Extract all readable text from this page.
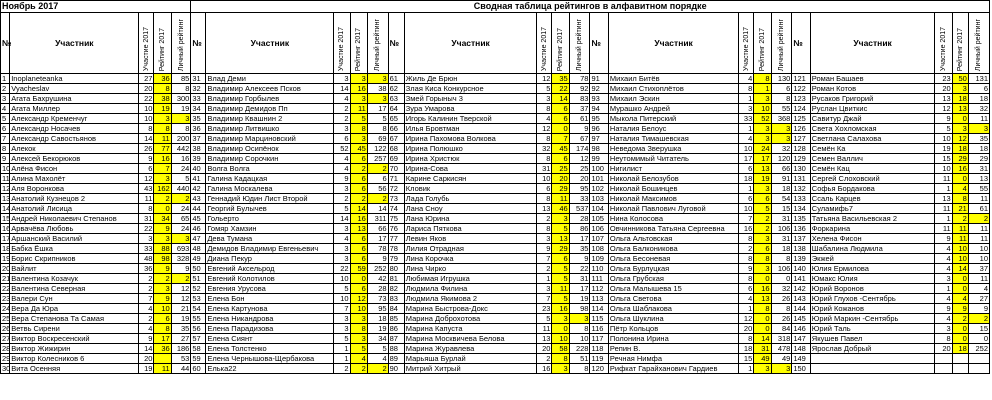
Ноябрь 2017					Сводная таблица рейтингов в алфавитном порядке																			
№	Участник	Участие 2017	Рейтинг 2017	Личный рейтинг	№	Участник	Участие 2017	Рейтинг 2017	Личный рейтинг	№	Участник	Участие 2017	Рейтинг 2017	Личный рейтинг	№	Участник	Участие 2017	Рейтинг 2017	Личный рейтинг	№	Участник	Участие 2017	Рейтинг 2017	Личный рейтинг
1	Inoplaneteanka	27	36	85	31	Влад Деми	3	3	3	61	Жиль Де Брюн	12	35	78	91	Михаил Битёв	4	8	130	121	Роман Башаев	23	50	131
2	Vyacheslav	20	8	8	32	Владимир Алексеев Псков	14	16	38	62	Злая Киса Конкурсное	5	22	92	92	Михаил Стихоплётов	8	1	6	122	Роман Котов	20	3	6
3	Агата Бахрушина	22	38	300	33	Владимир Горбылев	4	3	3	63	Змей Горыныч 3	3	14	83	93	Михаил Эскин	1	3	8	123	Русаков Григорий	13	18	18
4	Агата Миллер	10	19	19	34	Владимир Демидов Пп	2	11	17	64	Зура Умарова	8	6	37	94	Мурашко Андрей	3	10	55	124	Руслан Цвиткис	12	13	32
5	Александр Кременчуг	10	3	3	35	Владимир Квашнин 2	2	5	5	65	Игорь Калинин Тверской	4	6	61	95	Мыкола Питерский	33	52	368	125	Савитур Джай	9	0	11
6	Александр Носачев	8	8	8	36	Владимир Литвишко	3	8	8	66	Илья Бровтман	12	0	9	96	Наталия Белоус	1	3	3	126	Света Хохломская	5	3	3
7	Александр Савостьянов	14	11	200	37	Владимир Марциновский	6	3	69	67	Ирина Пахомова Волкова	8	7	67	97	Наталия Тимашевская	4	3	3	127	Светлана Салахова	10	12	35
8	Алекок	26	77	442	38	Владимир Осипёнок	52	45	122	68	Ирина Полюшко	32	45	174	98	Неведома Зверушка	10	24	32	128	Семён Ка	19	18	18
9	Алексей Бекорюков	9	16	16	39	Владимир Сорочкин	4	6	257	69	Ирина Христюк	8	6	12	99	Неутомимый Читатель	17	17	120	129	Семен Валлич	15	29	29
10	Алёна Фисон	6	7	24	40	Волга Волга	4	2	2	70	Ирина-Сова	31	25	25	100	Нигилист	6	13	66	130	Семён Кац	10	16	31
11	Алина Махолёт	12	3	5	41	Галина Кадацкая	9	6	6	71	Карине Саркисян	10	20	20	101	Николай Белозубов	18	19	91	131	Сергей Слоховский	11	0	13
12	Аля Воронкова	43	162	440	42	Галина Москалева	3	6	56	72	Кловик	6	29	95	102	Николай Бошинцев	1	3	18	132	Софья Бордакова	1	4	55
13	Анатолий Кузнецов 2	11	2	2	43	Геннадий Юдин Лист Второй	2	2	2	73	Лада Голубь	8	11	33	103	Николай Максимов	6	6	54	133	Ссаль Карцев	13	8	11
14	Анатолий Лисица	8	0	24	44	Георгий Булычев	5	14	14	74	Лана Сноу	13	46	537	104	Николай Павлович Луговой	10	5	15	134	Суламифь7	11	21	61
15	Андрей Николаевич Степанов	31	34	65	45	Гольерто	14	16	311	75	Лана Юрина	2	3	28	105	Нина Колосова	7	2	31	135	Татьяна Васильевская 2	1	2	2
16	Арвачёва Любовь	22	9	24	46	Гомяр Хамзин	3	13	66	76	Лариса Пяткова	8	5	86	106	Овчинникова Татьяна Сергеевна	16	2	106	136	Форкарина	11	11	11
17	Аршанский Василий	3	3	3	47	Дева Тумана	4	6	17	77	Левин Яков	3	13	17	107	Ольга Альтовская	8	3	31	137	Хелена Фисон	9	11	11
18	Бабка Ёшка	33	88	693	48	Демидов Владимир Евгеньевич	3	6	78	78	Лилия Отрадная	9	29	35	108	Ольга Балконикова	2	6	18	138	Шабалина Людмила	4	10	10
19	Борис Скрипников	48	98	328	49	Диана Пекур	3	6	9	79	Лина Корочка	7	6	9	109	Ольга Бесоневая	8	8	8	139	Экжей	4	10	10
20	Вайлит	36	9	9	50	Евгений Аксельрод	22	59	252	80	Лина Чирко	2	5	22	110	Ольга Бурлуцкая	9	3	106	140	Юлия Ермилова	4	14	37
21	Валентина Козачук	2	2	2	51	Евгений Колотилов	10	0	42	81	Любимая Игрушка	1	5	31	111	Ольга Грубская	8	0	0	141	Юмакс Юлия	3	0	11
22	Валентина Северная	2	3	12	52	Евгения Урусова	5	6	28	82	Людмила Филина	3	11	17	112	Ольга Малышева 15	6	16	32	142	Юрий Воронов	1	0	4
23	Валери Сун	7	9	12	53	Елена Бон	10	12	73	83	Людмила Якимова 2	7	5	19	113	Ольга Светова	4	13	26	143	Юрий Глухов -Сентябрь	4	4	27
24	Вера Да Юра	4	10	21	54	Елена Картунова	7	10	95	84	Марина Быстрова-Докс	23	16	98	114	Ольга Шаблакова	1	8	8	144	Юрий Кожанов	9	9	9
25	Вера Степанова Та Самая	2	6	19	55	Елена Никандрова	3	3	18	85	Марина Доброхотова	5	3	3	115	Ольга Шуклина	12	0	26	145	Юрий Маркин -Сентябрь	4	2	2
26	Ветвь Сирени	4	8	35	56	Елена Парадизова	3	8	19	86	Марина Капуста	11	0	8	116	Пётр Кольцов	20	0	84	146	Юрий Таль	3	0	15
27	Виктор Воскресенский	9	17	27	57	Елена Сиянт	5	3	34	87	Марина Москвичева Белова	13	10	10	117	Полонина Ирина	8	14	318	147	Якушев Павел	8	0	0
28	Виктор Жижирин	14	36	186	58	Елена Толстенко	1	5	5	88	Марина Журавлева	20	58	228	118	Репин В.	18	31	478	148	Ярослав Добрый	20	18	252
29	Виктор Колесников 6	20		53	59	Елена Чернышова-Щербакова	1	4	4	89	Марьяша Бурлай	2	8	51	119	Речная Нимфа	15	49	49	149				
30	Вита Осенняя	19	11	44	60	Елька22	2	2	2	90	Митрий Хитрый	16	3	8	120	Рифкат Гарайханович Гардиев	1	3	3	150				
